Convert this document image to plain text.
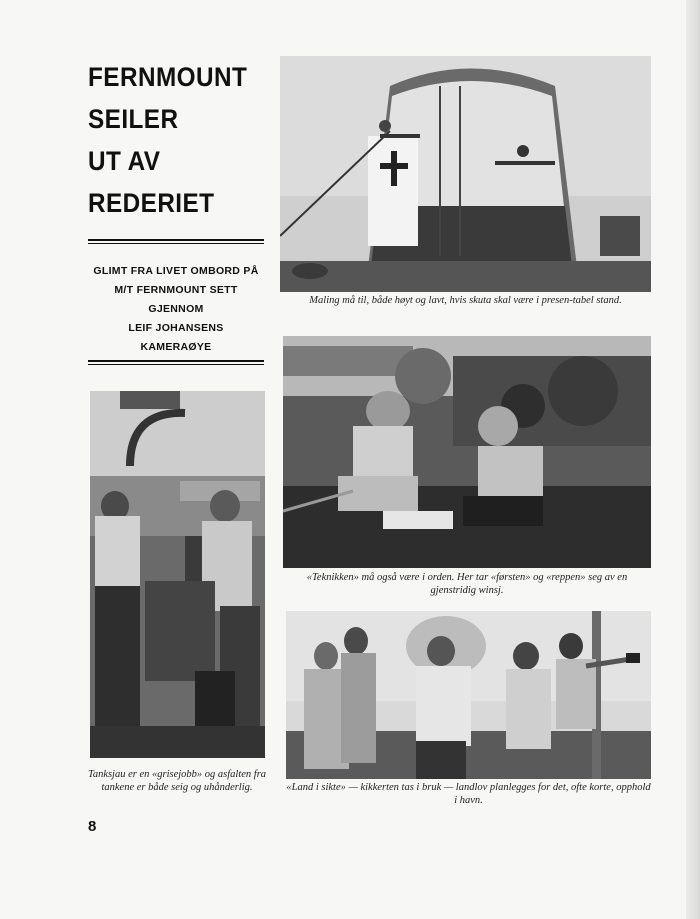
FERNMOUNT
SEILER
UT AV
REDERIET
GLIMT FRA LIVET OMBORD PÅ
M/T FERNMOUNT SETT GJENNOM
LEIF JOHANSENS
KAMERAØYE
Maling må til, både høyt og lavt, hvis skuta skal være i presen-tabel stand.
«Teknikken» må også være i orden. Her tar «førsten» og «reppen» seg av en gjenstridig winsj.
Tanksjau er en «grisejobb» og asfalten fra tankene er både seig og uhånderlig.	«Land i sikte» — kikkerten tas i bruk — landlov planlegges for det, ofte korte, opphold i havn.
8
